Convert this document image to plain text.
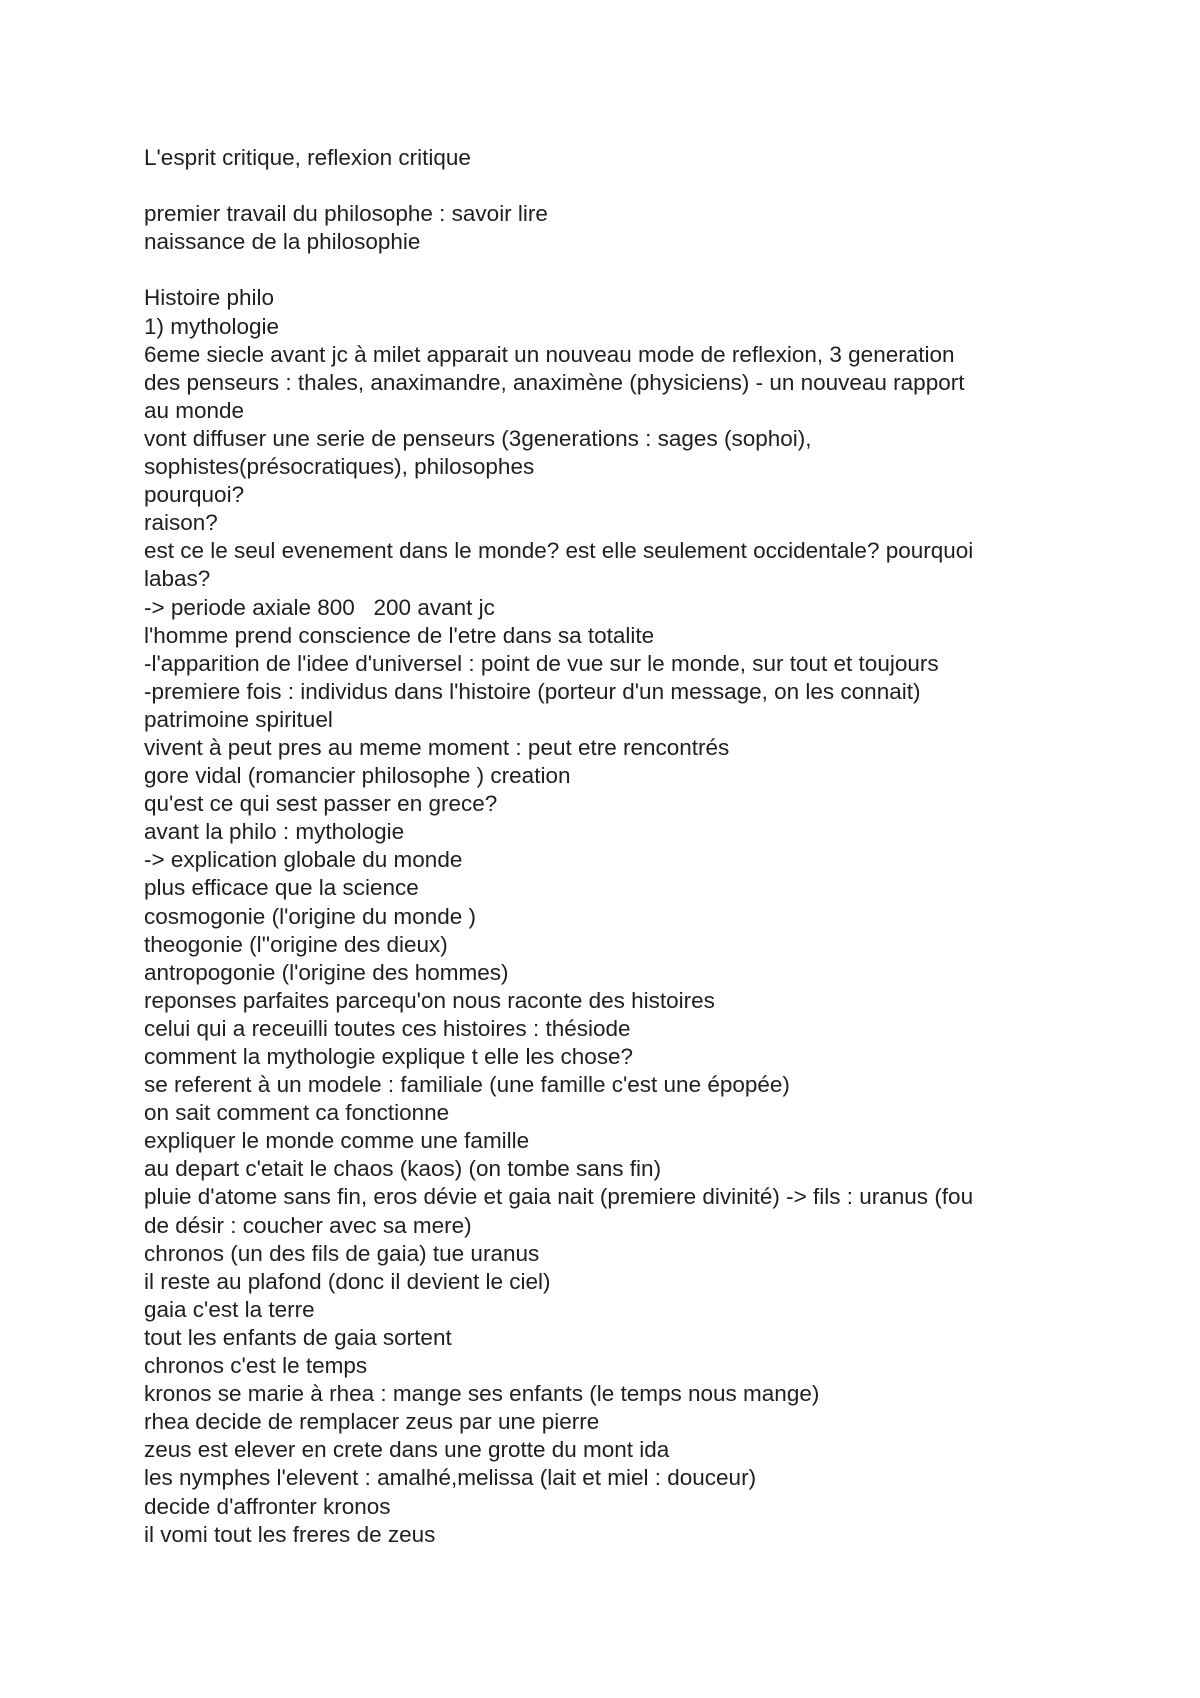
L'esprit critique, reflexion critique
premier travail du philosophe : savoir lire
naissance de la philosophie
Histoire philo
1) mythologie
6eme siecle avant jc à milet apparait un nouveau mode de reflexion, 3 generation
des penseurs : thales, anaximandre, anaximène (physiciens) - un nouveau rapport
au monde
vont diffuser une serie de penseurs (3generations : sages (sophoi),
sophistes(présocratiques), philosophes
pourquoi?
raison?
est ce le seul evenement dans le monde? est elle seulement occidentale? pourquoi
labas?
-> periode axiale 800   200 avant jc
l'homme prend conscience de l'etre dans sa totalite
-l'apparition de l'idee d'universel : point de vue sur le monde, sur tout et toujours
-premiere fois : individus dans l'histoire (porteur d'un message, on les connait)
patrimoine spirituel
vivent à peut pres au meme moment : peut etre rencontrés
gore vidal (romancier philosophe ) creation
qu'est ce qui sest passer en grece?
avant la philo : mythologie
-> explication globale du monde
plus efficace que la science
cosmogonie (l'origine du monde )
theogonie (l''origine des dieux)
antropogonie (l'origine des hommes)
reponses parfaites parcequ'on nous raconte des histoires
celui qui a receuilli toutes ces histoires : thésiode
comment la mythologie explique t elle les chose?
se referent à un modele : familiale (une famille c'est une épopée)
on sait comment ca fonctionne
expliquer le monde comme une famille
au depart c'etait le chaos (kaos) (on tombe sans fin)
pluie d'atome sans fin, eros dévie et gaia nait (premiere divinité) -> fils : uranus (fou
de désir : coucher avec sa mere)
chronos (un des fils de gaia) tue uranus
il reste au plafond (donc il devient le ciel)
gaia c'est la terre
tout les enfants de gaia sortent
chronos c'est le temps
kronos se marie à rhea : mange ses enfants (le temps nous mange)
rhea decide de remplacer zeus par une pierre
zeus est elever en crete dans une grotte du mont ida
les nymphes l'elevent : amalhé,melissa (lait et miel : douceur)
decide d'affronter kronos
il vomi tout les freres de zeus
